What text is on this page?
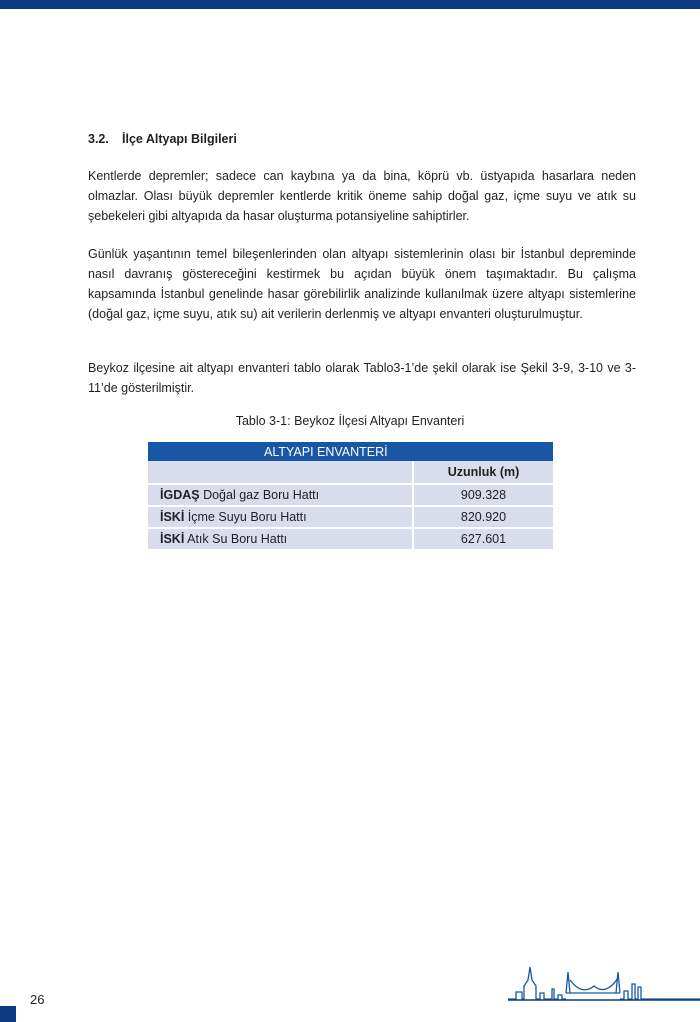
3.2. İlçe Altyapı Bilgileri

Kentlerde depremler; sadece can kaybına ya da bina, köprü vb. üstyapıda hasarlara neden olmazlar. Olası büyük depremler kentlerde kritik öneme sahip doğal gaz, içme suyu ve atık su şebekeleri gibi altyapıda da hasar oluşturma potansiyeline sahiptirler.

Günlük yaşantının temel bileşenlerinden olan altyapı sistemlerinin olası bir İstanbul depreminde nasıl davranış göstereceğini kestirmek bu açıdan büyük önem taşımaktadır. Bu çalışma kapsamında İstanbul genelinde hasar görebilirlik analizinde kullanılmak üzere altyapı sistemlerine (doğal gaz, içme suyu, atık su) ait verilerin derlenmiş ve altyapı envanteri oluşturulmuştur.

Beykoz ilçesine ait altyapı envanteri tablo olarak Tablo3-1’de şekil olarak ise Şekil 3-9, 3-10 ve 3-11’de gösterilmiştir.

Tablo 3-1: Beykoz İlçesi Altyapı Envanteri

ALTYAPI ENVANTERİ	
	Uzunluk (m)
İGDAŞ Doğal gaz Boru Hattı	909.328
İSKİ İçme Suyu Boru Hattı	820.920
İSKİ Atık Su Boru Hattı	627.601

26
